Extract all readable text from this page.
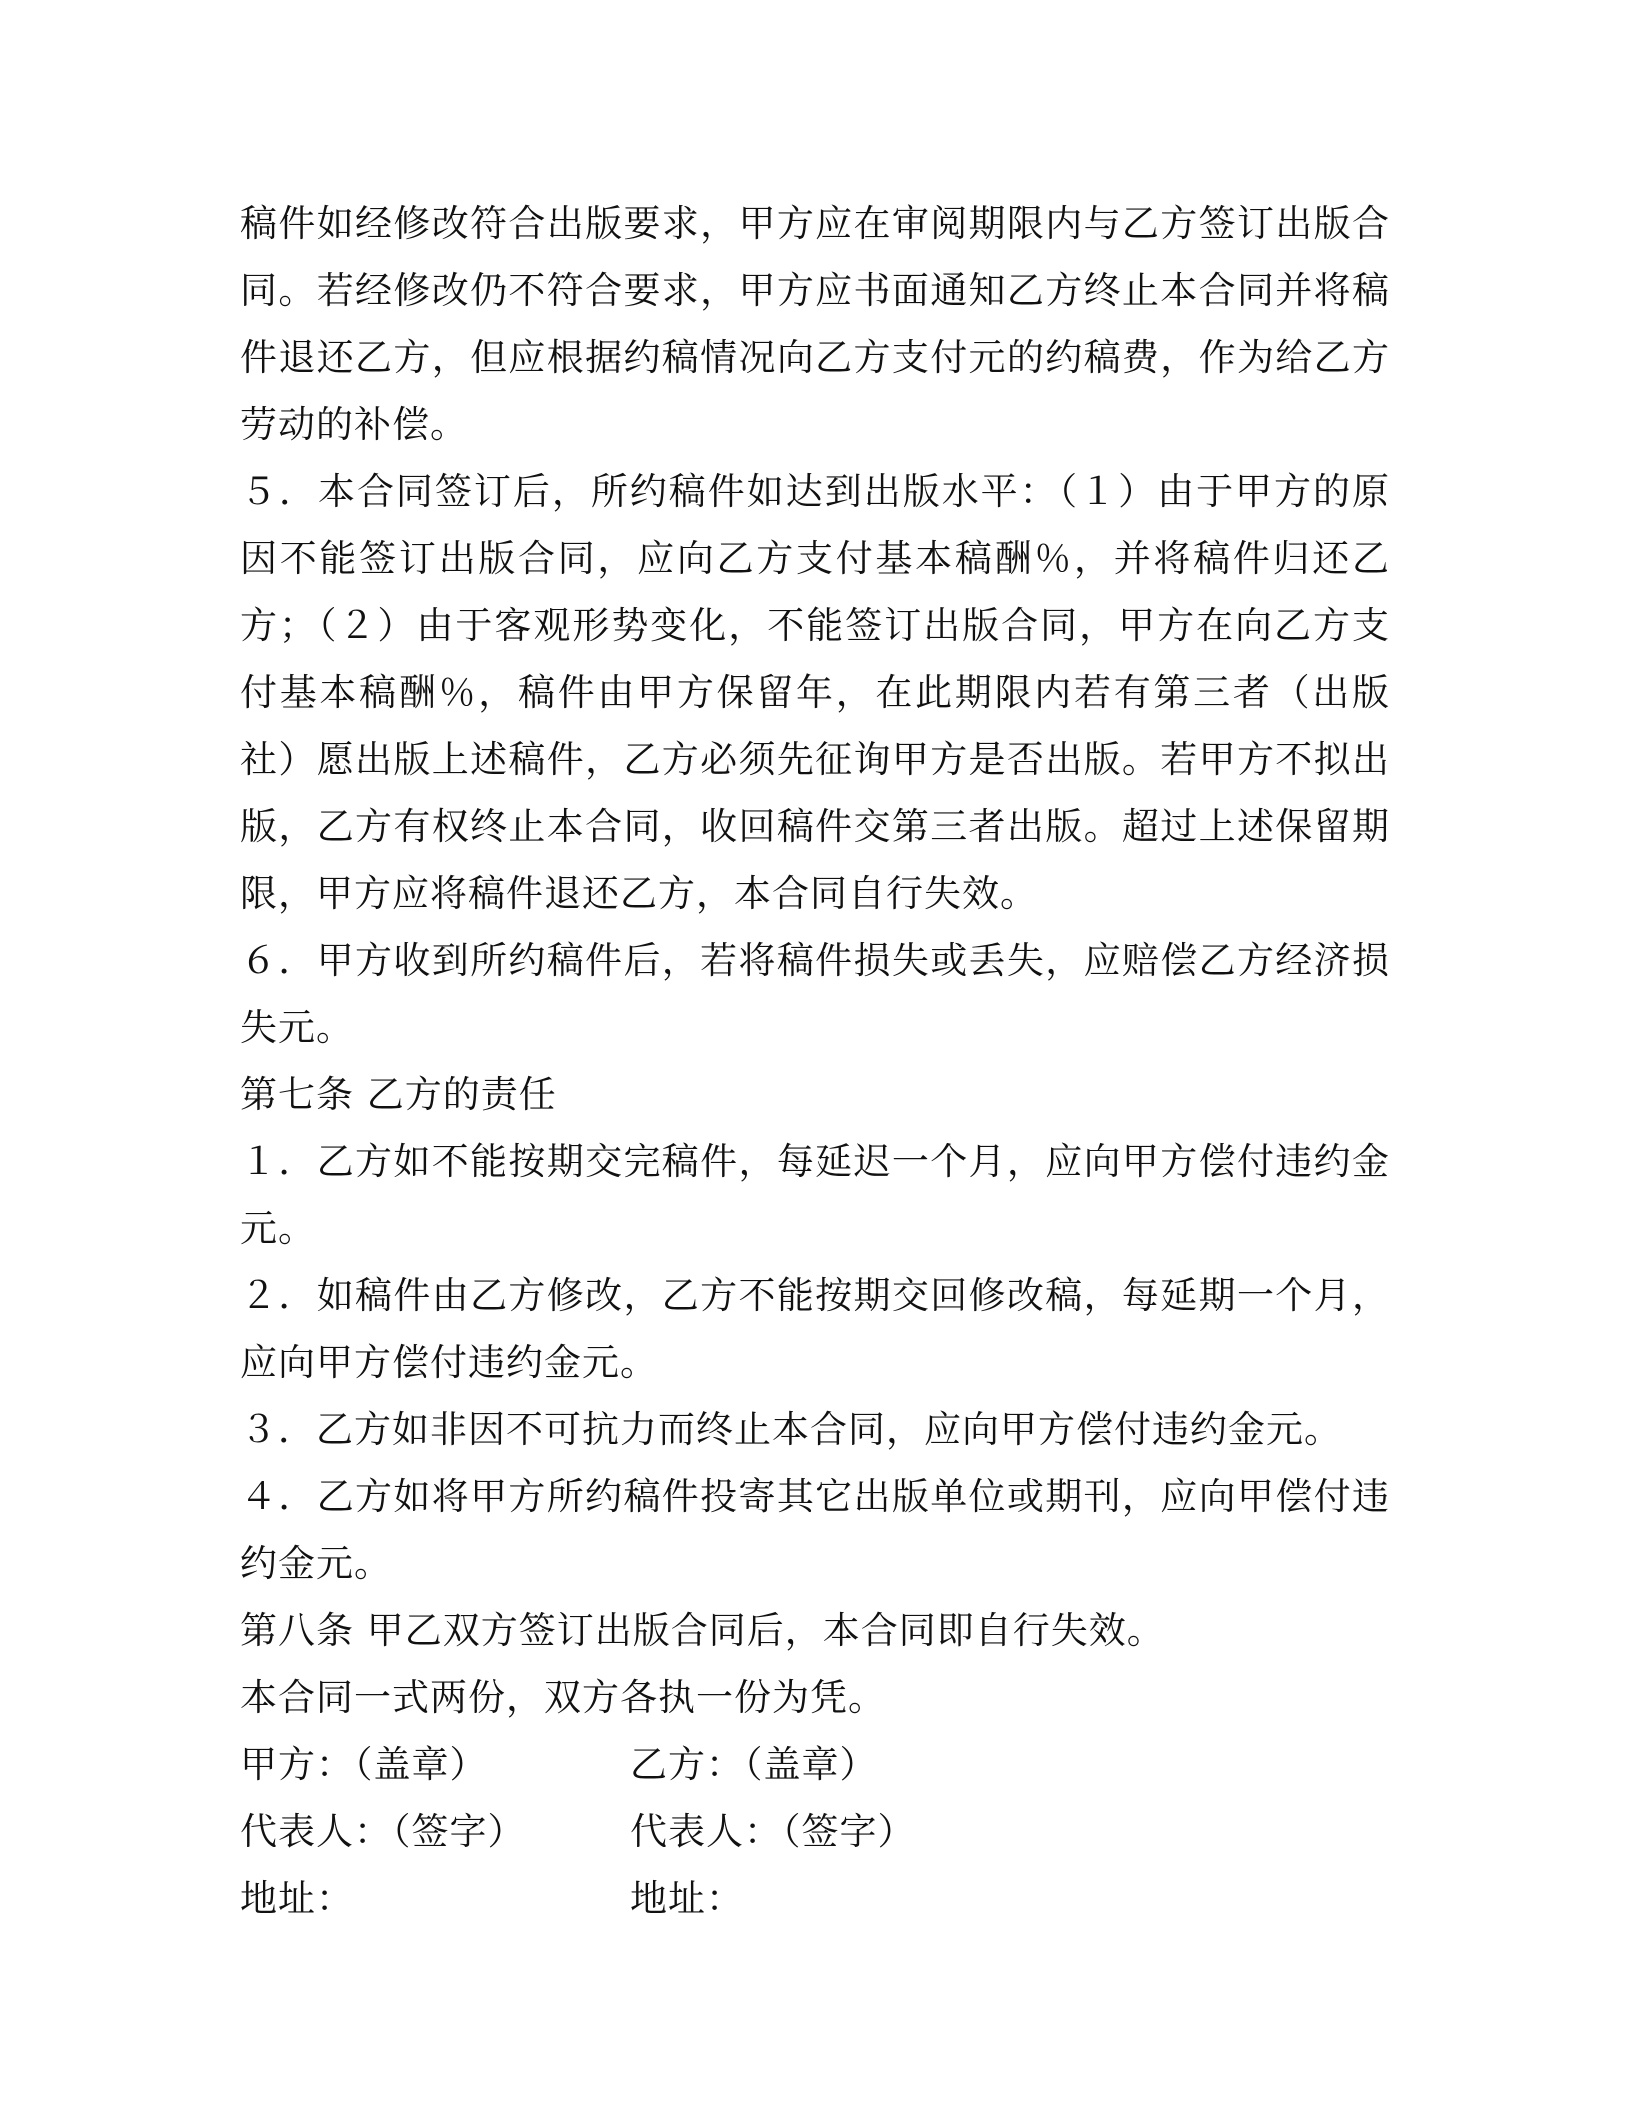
稿件如经修改符合出版要求，甲方应在审阅期限内与乙方签订出版合同。若经修改仍不符合要求，甲方应书面通知乙方终止本合同并将稿件退还乙方，但应根据约稿情况向乙方支付元的约稿费，作为给乙方劳动的补偿。

５．本合同签订后，所约稿件如达到出版水平：（１）由于甲方的原因不能签订出版合同，应向乙方支付基本稿酬％，并将稿件归还乙方；（２）由于客观形势变化，不能签订出版合同，甲方在向乙方支付基本稿酬％，稿件由甲方保留年，在此期限内若有第三者（出版社）愿出版上述稿件，乙方必须先征询甲方是否出版。若甲方不拟出版，乙方有权终止本合同，收回稿件交第三者出版。超过上述保留期限，甲方应将稿件退还乙方，本合同自行失效。

６．甲方收到所约稿件后，若将稿件损失或丢失，应赔偿乙方经济损失元。

第七条 乙方的责任

１．乙方如不能按期交完稿件，每延迟一个月，应向甲方偿付违约金元。

２．如稿件由乙方修改，乙方不能按期交回修改稿，每延期一个月，应向甲方偿付违约金元。

３．乙方如非因不可抗力而终止本合同，应向甲方偿付违约金元。

４．乙方如将甲方所约稿件投寄其它出版单位或期刊，应向甲偿付违约金元。

第八条 甲乙双方签订出版合同后，本合同即自行失效。

本合同一式两份，双方各执一份为凭。

甲方：（盖章）	乙方：（盖章）
代表人：（签字）	代表人：（签字）
地址：	地址：
